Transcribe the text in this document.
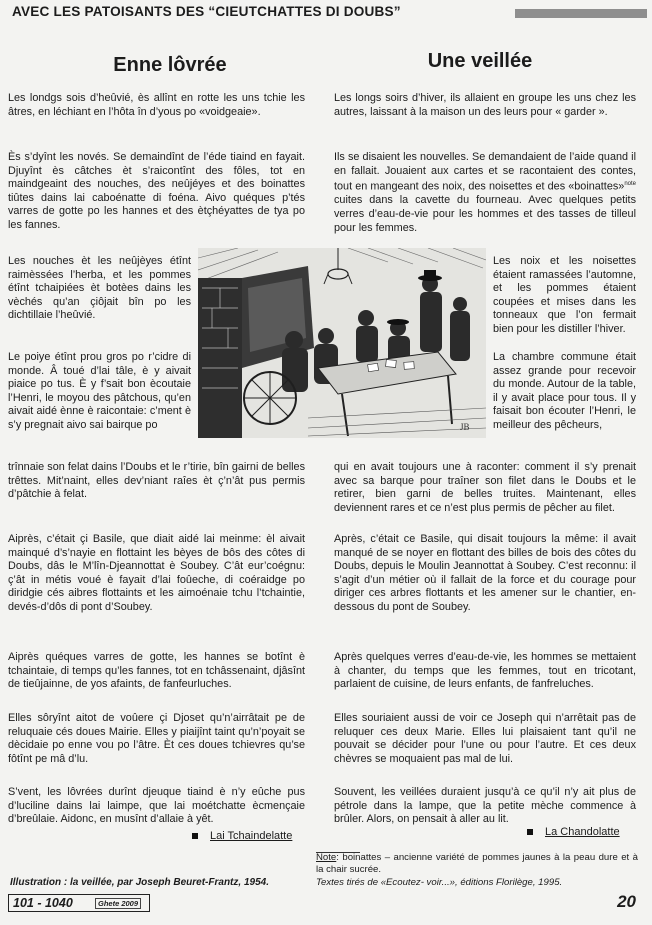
AVEC LES PATOISANTS DES “CIEUTCHATTES DI DOUBS”
Enne lôvrée	Une veillée

Les londgs sois d’heûvié, ès allînt en rotte les uns tchie les âtres, en léchiant en l’hôta în d’yous po «voidgeaie».

Ès s’dyînt les novés. Se demaindînt de l’éde tiaind en fayait. Djuyînt ès câtches èt s’raicontînt des fôles, tot en maindgeaint des nouches, des neûjéyes et des boinattes tiûtes dains lai caboénatte di foéna. Aivo quéques p’tés varres de gotte po les hannes et des ètçhéyattes de tya po les fannes.

Les nouches èt les neûjèyes étînt raimèssées l’herba, et les pommes étînt tchaipiées èt botèes dains les vèchés qu’an çiôjait bîn po les dichtillaie l’heûvié.

Le poiye étînt prou gros po r’cidre di monde. Â toué d’lai tâle, è y aivait piaice po tus. È y f’sait bon ècoutaie l’Henri, le moyou des pâtchous, qu’en aivait aidé ènne è raicontaie: c’ment è s’y pregnait aivo sai bairque po

trînnaie son felat dains l’Doubs et le r’tirie, bîn gairni de belles trêttes. Mit’naint, elles dev’niant raîes èt ç’n’ât pus permis d’pâtchie à felat.

Aiprès, c’était çi Basile, que diait aidé lai meinme: èl aivait mainqué d’s’nayie en flottaint les bèyes de bôs des côtes di Doubs, dâs le M’lîn-Djeannottat è Soubey. C’ât eur’coégnu: ç’ât in métis voué è fayait d’lai foûeche, di coéraidge po diridgie cés aibres flottaints et les aimoénaie tchu l’tchaintie, devés-d’dôs di pont d’Soubey.

Aiprès quéques varres de gotte, les hannes se botînt è tchaintaie, di temps qu’les fannes, tot en tchâssenaint, djâsînt de tieûjainne, de yos afaints, de fanfeurluches.

Elles sôryînt aitot de voûere çi Djoset qu’n’airrâtait pe de reluquaie cés doues Mairie. Elles y piaijînt taint qu’n’poyait se dècidaie po enne vou po l’âtre. Èt ces doues tchievres qu’se fôtînt pe mâ d’lu.

S’vent, les lôvrées durînt djeuque tiaind è n’y eûche pus d’luciline dains lai laimpe, que lai moétchatte ècmençaie d’breûlaie. Aidonc, en musînt d’allaie à yêt.

Lai Tchaindelatte

Les longs soirs d’hiver, ils allaient en groupe les uns chez les autres, laissant à la maison un des leurs pour « garder ».

Ils se disaient les nouvelles. Se demandaient de l’aide quand il en fallait. Jouaient aux cartes et se racontaient des contes, tout en mangeant des noix, des noisettes et des «boinattes»$^{note}$ cuites dans la cavette du fourneau. Avec quelques petits verres d’eau-de-vie pour les hommes et des tasses de tilleul pour les femmes.

Les noix et les noisettes étaient ramassées l’automne, et les pommes étaient coupées et mises dans les tonneaux que l’on fermait bien pour les distiller l’hiver.

La chambre commune était assez grande pour recevoir du monde. Autour de la table, il y avait place pour tous. Il y faisait bon écouter l’Henri, le meilleur des pêcheurs,

qui en avait toujours une à raconter: comment il s’y prenait avec sa barque pour traîner son filet dans le Doubs et le retirer, bien garni de belles truites. Maintenant, elles deviennent rares et ce n’est plus permis de pêcher au filet.

Après, c’était ce Basile, qui disait toujours la même: il avait manqué de se noyer en flottant des billes de bois des côtes du Doubs, depuis le Moulin Jeannottat à Soubey. C’est reconnu: il s’agit d’un métier où il fallait de la force et du courage pour diriger ces arbres flottants et les amener sur le chantier, en-dessous du pont de Soubey.

Après quelques verres d’eau-de-vie, les hommes se mettaient à chanter, du temps que les femmes, tout en tricotant, parlaient de cuisine, de leurs enfants, de fanfreluches.

Elles souriaient aussi de voir ce Joseph qui n’arrêtait pas de reluquer ces deux Marie. Elles lui plaisaient tant qu’il ne pouvait se décider pour l’une ou pour l’autre. Et ces deux chèvres se moquaient pas mal de lui.

Souvent, les veillées duraient jusqu’à ce qu’il n’y ait plus de pétrole dans la lampe, que la petite mèche commence à brûler. Alors, on pensait à aller au lit.

La Chandolatte
Note: boinattes – ancienne variété de pommes jaunes à la peau dure et à la chair sucrée.
Textes tirés de «Ecoutez- voir...», éditions Florilège, 1995.
Illustration : la veillée, par Joseph Beuret-Frantz, 1954.
JB
101 - 1040	Ghete 2009	20
